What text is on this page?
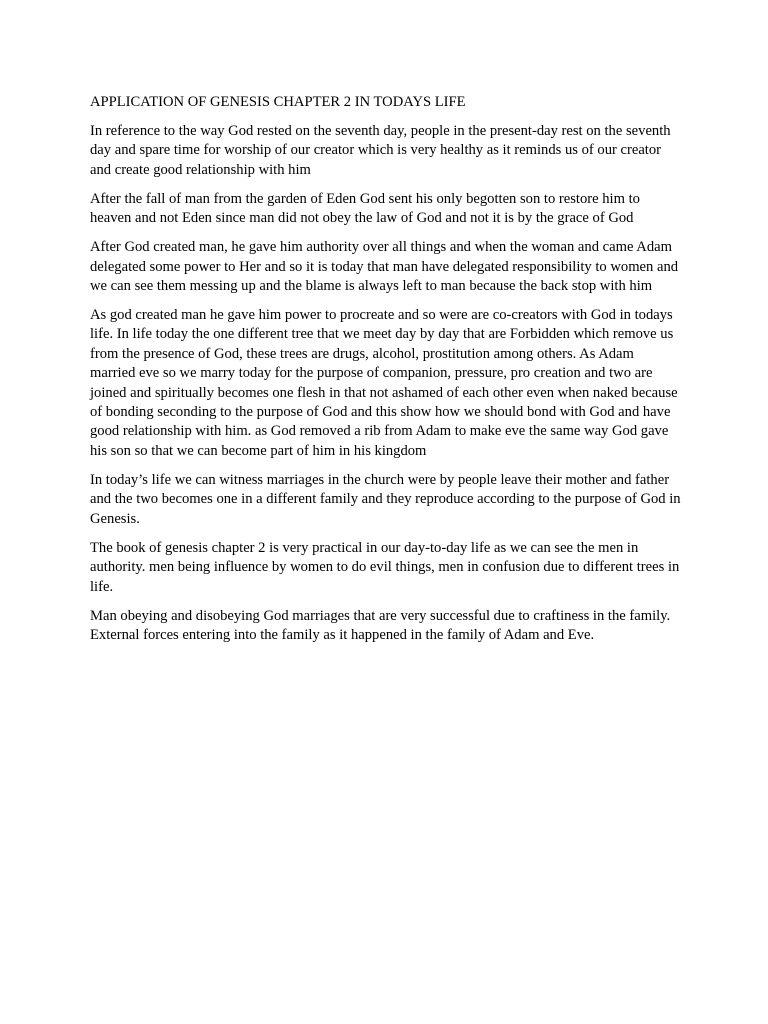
APPLICATION OF GENESIS CHAPTER 2 IN TODAYS LIFE

In reference to the way God rested on the seventh day, people in the present-day rest on the seventh day and spare time for worship of our creator which is very healthy as it reminds us of our creator and create good relationship with him

After the fall of man from the garden of Eden God sent his only begotten son to restore him to heaven and not Eden since man did not obey the law of God and not it is by the grace of God

After God created man, he gave him authority over all things and when the woman and came Adam delegated some power to Her and so it is today that man have delegated responsibility to women and we can see them messing up and the blame is always left to man because the back stop with him

As god created man he gave him power to procreate and so were are co-creators with God in todays life. In life today the one different tree that we meet day by day that are Forbidden which remove us from the presence of God, these trees are drugs, alcohol, prostitution among others. As Adam married eve so we marry today for the purpose of companion, pressure, pro creation and two are joined and spiritually becomes one flesh in that not ashamed of each other even when naked because of bonding seconding to the purpose of God and this show how we should bond with God and have good relationship with him. as God removed a rib from Adam to make eve the same way God gave his son so that we can become part of him in his kingdom

In today’s life we can witness marriages in the church were by people leave their mother and father and the two becomes one in a different family and they reproduce according to the purpose of God in Genesis.

The book of genesis chapter 2 is very practical in our day-to-day life as we can see the men in authority. men being influence by women to do evil things, men in confusion due to different trees in life.

Man obeying and disobeying God marriages that are very successful due to craftiness in the family. External forces entering into the family as it happened in the family of Adam and Eve.
